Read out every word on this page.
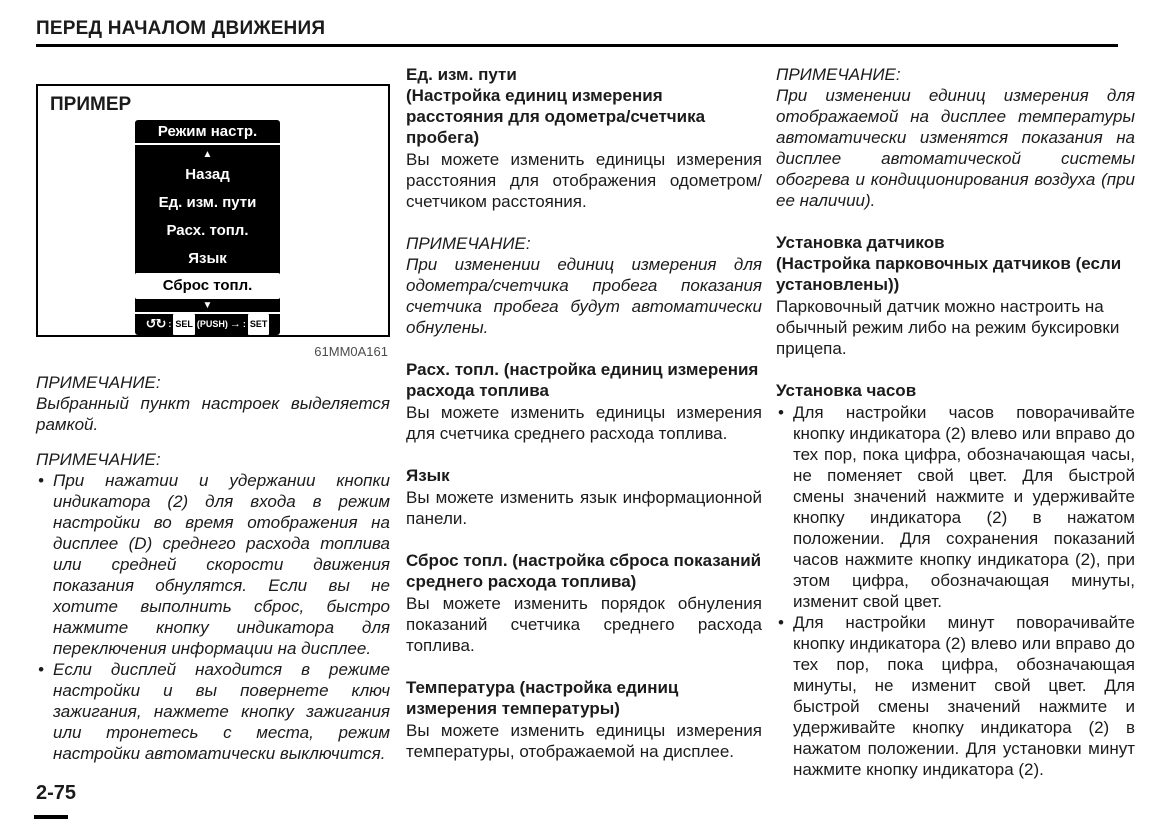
ПЕРЕД НАЧАЛОМ ДВИЖЕНИЯ
ПРИМЕР
Режим настр.
▲
Назад
Ед. изм. пути
Расх. топл.
Язык
Сброс топл.
▼
↺↻ : SEL (PUSH) → : SET
61MM0A161
ПРИМЕЧАНИЕ:
Выбранный пункт настроек выделяется рамкой.
ПРИМЕЧАНИЕ:
• При нажатии и удержании кнопки индикатора (2) для входа в режим настройки во время отображения на дисплее (D) среднего расхода топлива или средней скорости движения показания обнулятся. Если вы не хотите выполнить сброс, быстро нажмите кнопку индикатора для переключения информации на дисплее.
• Если дисплей находится в режиме настройки и вы повернете ключ зажигания, нажмете кнопку зажигания или тронетесь с места, режим настройки автоматически выключится.
Ед. изм. пути
(Настройка единиц измерения расстояния для одометра/счетчика пробега)
Вы можете изменить единицы измерения расстояния для отображения одометром/счетчиком расстояния.
ПРИМЕЧАНИЕ:
При изменении единиц измерения для одометра/счетчика пробега показания счетчика пробега будут автоматически обнулены.
Расх. топл. (настройка единиц измерения расхода топлива
Вы можете изменить единицы измерения для счетчика среднего расхода топлива.
Язык
Вы можете изменить язык информационной панели.
Сброс топл. (настройка сброса показаний среднего расхода топлива)
Вы можете изменить порядок обнуления показаний счетчика среднего расхода топлива.
Температура (настройка единиц измерения температуры)
Вы можете изменить единицы измерения температуры, отображаемой на дисплее.
ПРИМЕЧАНИЕ:
При изменении единиц измерения для отображаемой на дисплее температуры автоматически изменятся показания на дисплее автоматической системы обогрева и кондиционирования воздуха (при ее наличии).
Установка датчиков
(Настройка парковочных датчиков (если установлены))
Парковочный датчик можно настроить на обычный режим либо на режим буксировки прицепа.
Установка часов
• Для настройки часов поворачивайте кнопку индикатора (2) влево или вправо до тех пор, пока цифра, обозначающая часы, не поменяет свой цвет. Для быстрой смены значений нажмите и удерживайте кнопку индикатора (2) в нажатом положении. Для сохранения показаний часов нажмите кнопку индикатора (2), при этом цифра, обозначающая минуты, изменит свой цвет.
• Для настройки минут поворачивайте кнопку индикатора (2) влево или вправо до тех пор, пока цифра, обозначающая минуты, не изменит свой цвет. Для быстрой смены значений нажмите и удерживайте кнопку индикатора (2) в нажатом положении. Для установки минут нажмите кнопку индикатора (2).
2-75
